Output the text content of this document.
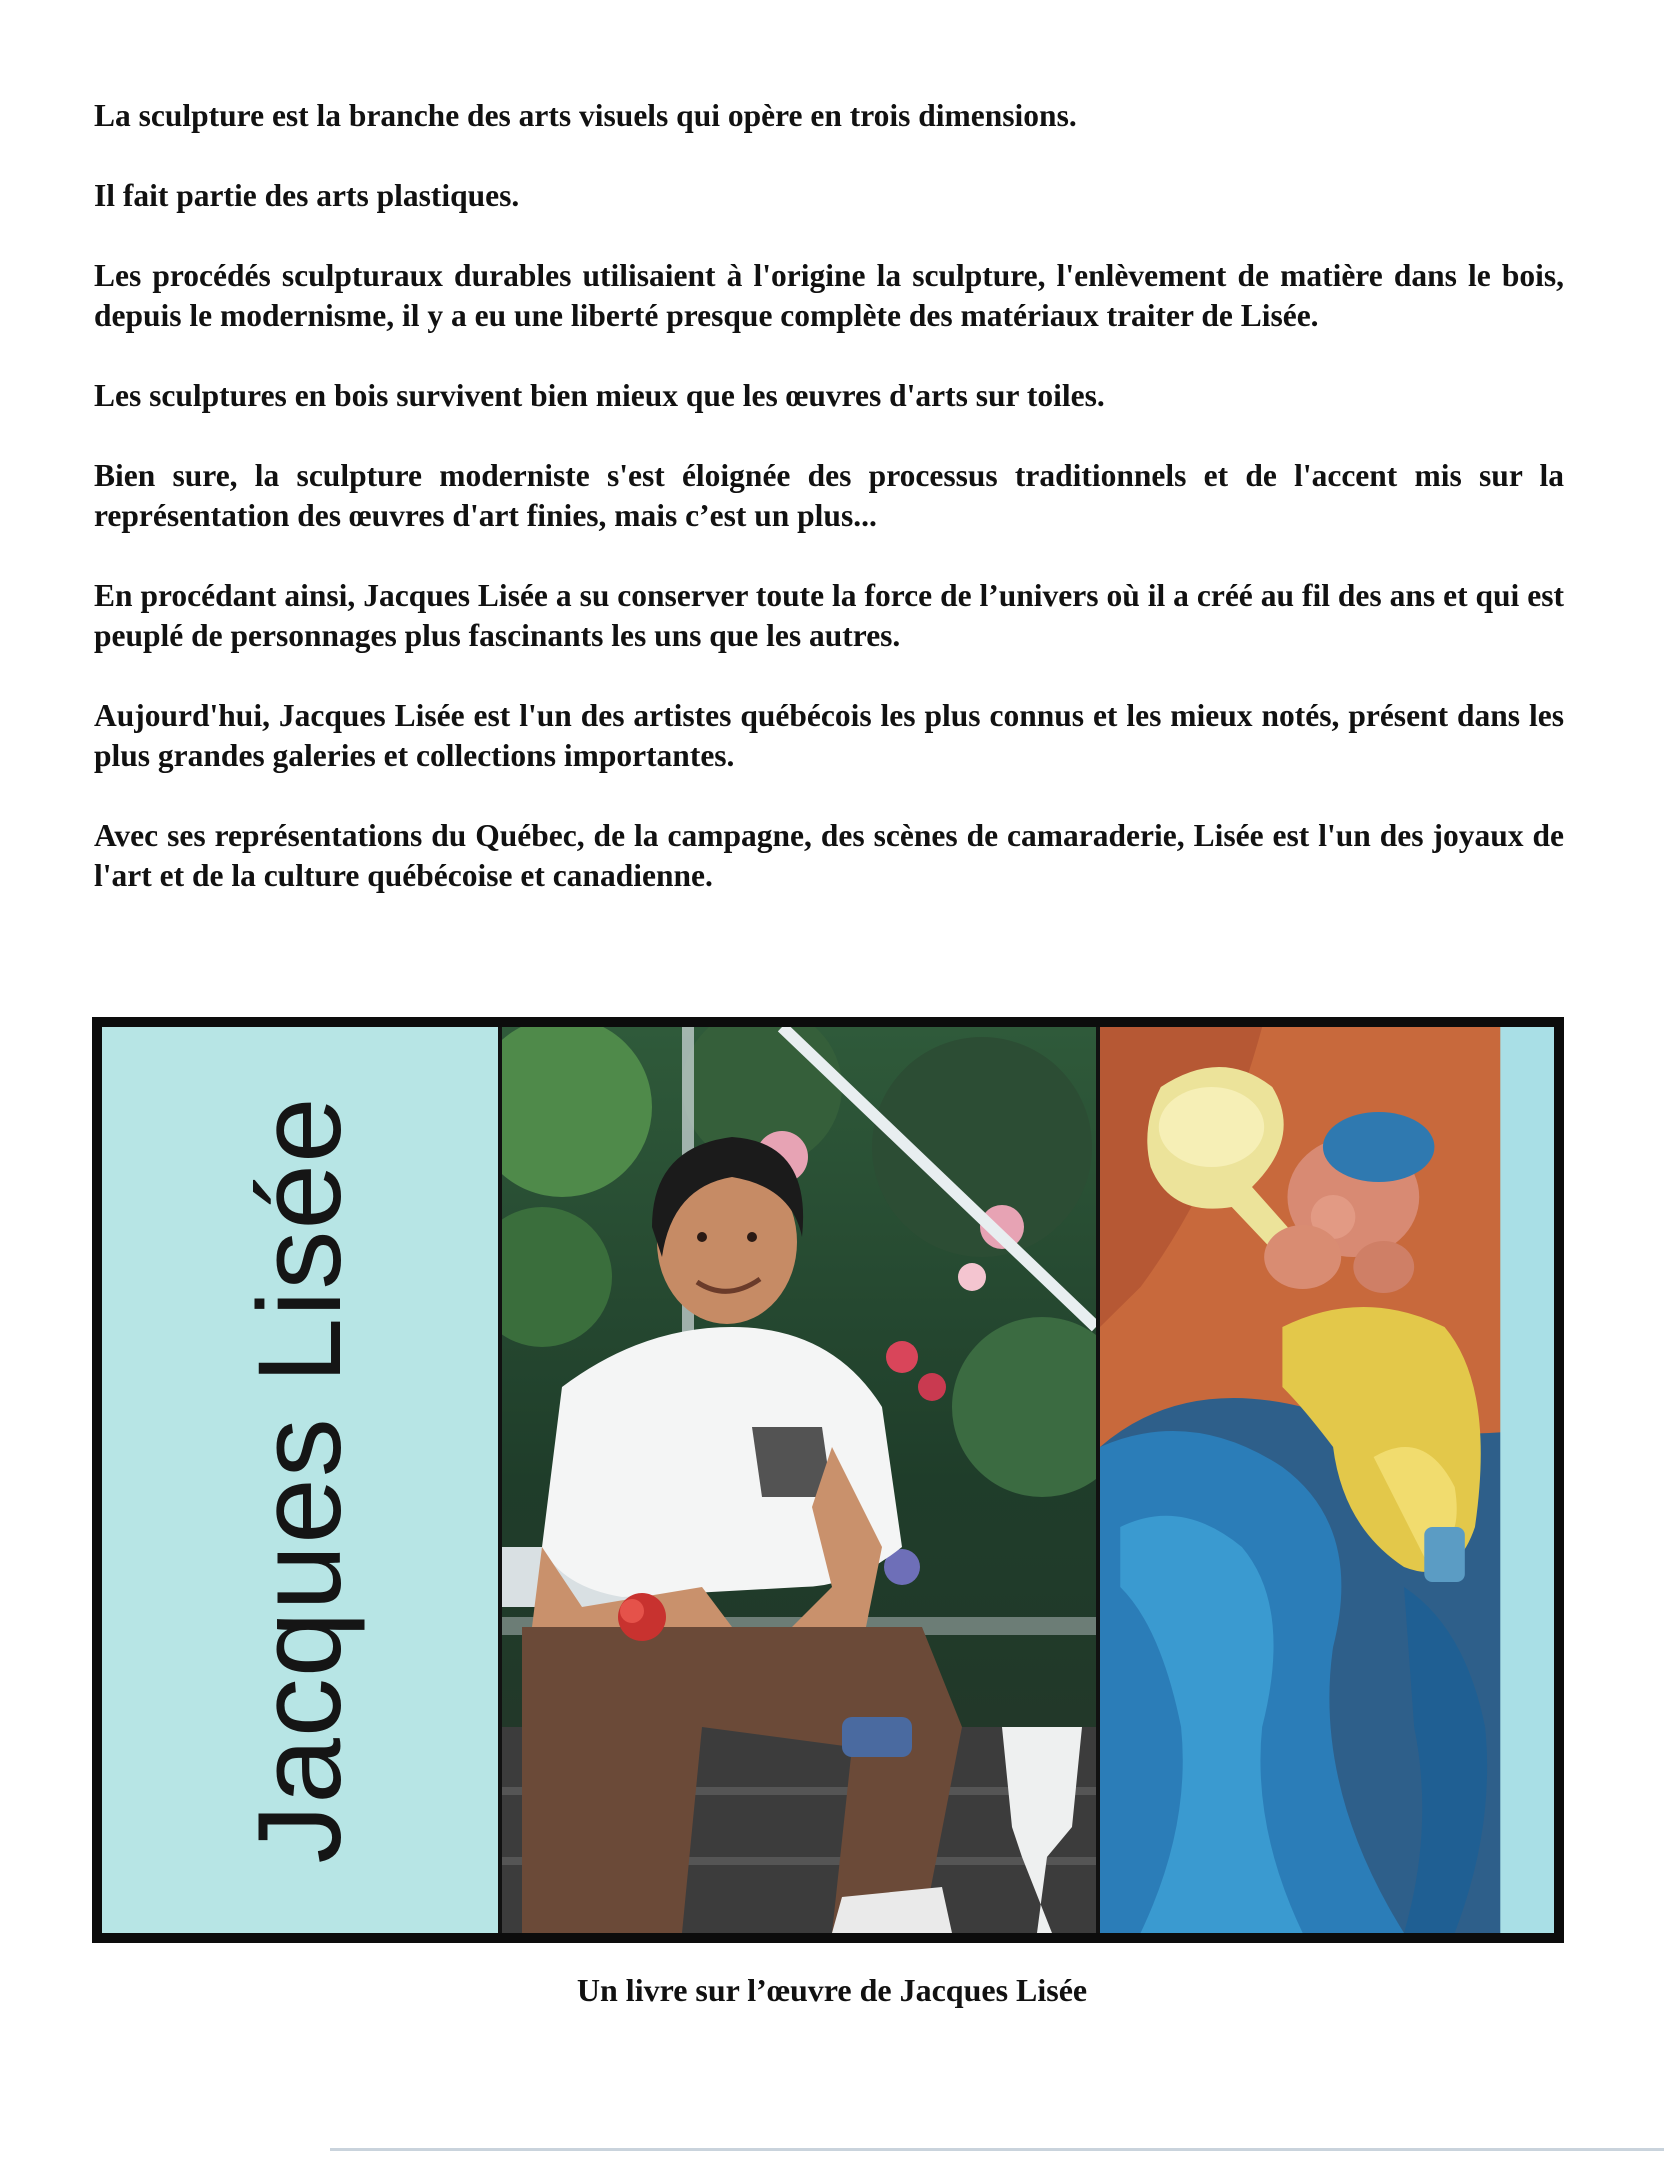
La sculpture est la branche des arts visuels qui opère en trois dimensions.

Il fait partie des arts plastiques.

Les procédés sculpturaux durables utilisaient à l'origine la sculpture, l'enlèvement de matière dans le bois, depuis le modernisme, il y a eu une liberté presque complète des matériaux traiter de Lisée.

Les sculptures en bois survivent bien mieux que les œuvres d'arts sur toiles.

Bien sure, la sculpture moderniste s'est éloignée des processus traditionnels et de l'accent mis sur la représentation des œuvres d'art finies, mais c’est un plus...

En procédant ainsi, Jacques Lisée a su conserver toute la force de l’univers où il a créé au fil des ans et qui est peuplé de personnages plus fascinants les uns que les autres.

Aujourd'hui, Jacques Lisée est l'un des artistes québécois les plus connus et les mieux notés, présent dans les plus grandes galeries et collections importantes.

Avec ses représentations du Québec, de la campagne, des scènes de camaraderie, Lisée est l'un des joyaux de l'art et de la culture québécoise et canadienne.

Jacques Lisée
Un livre sur l’œuvre de Jacques Lisée
